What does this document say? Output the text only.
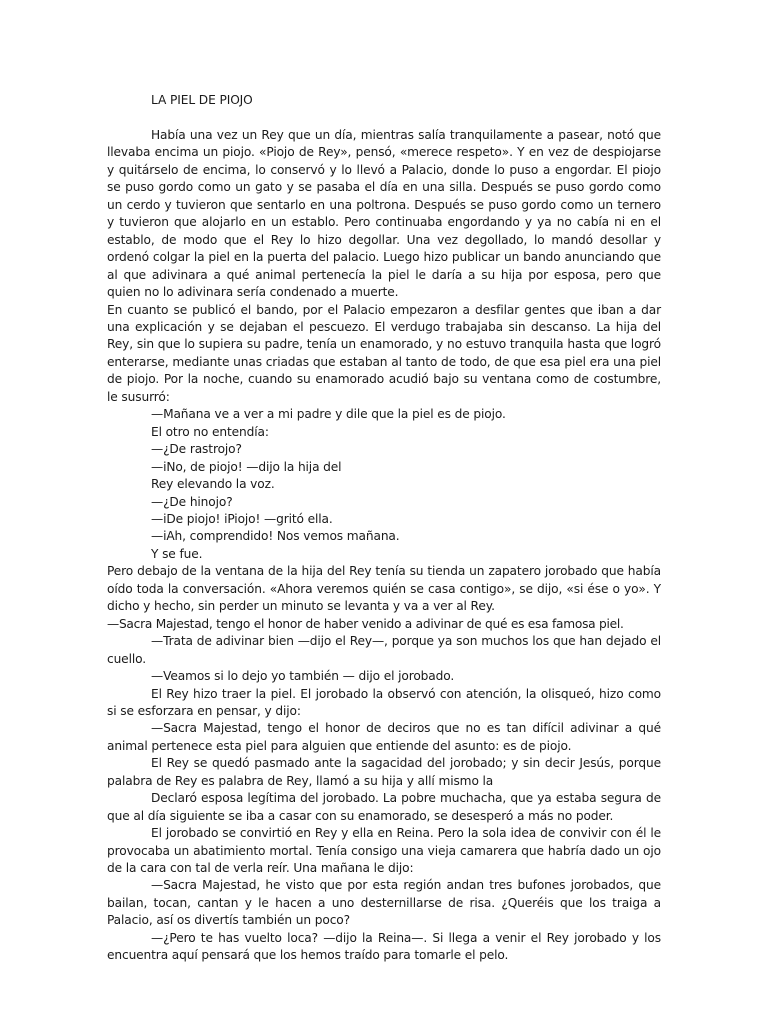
LA PIEL DE PIOJO

Había una vez un Rey que un día, mientras salía tranquilamente a pasear, notó que llevaba encima un piojo. «Piojo de Rey», pensó, «merece respeto». Y en vez de despiojarse y quitárselo de encima, lo conservó y lo llevó a Palacio, donde lo puso a engordar. El piojo se puso gordo como un gato y se pasaba el día en una silla. Después se puso gordo como un cerdo y tuvieron que sentarlo en una poltrona. Después se puso gordo como un ternero y tuvieron que alojarlo en un establo. Pero continuaba engordando y ya no cabía ni en el establo, de modo que el Rey lo hizo degollar. Una vez degollado, lo mandó desollar y ordenó colgar la piel en la puerta del palacio. Luego hizo publicar un bando anunciando que al que adivinara a qué animal pertenecía la piel le daría a su hija por esposa, pero que quien no lo adivinara sería condenado a muerte.

En cuanto se publicó el bando, por el Palacio empezaron a desfilar gentes que iban a dar una explicación y se dejaban el pescuezo. El verdugo trabajaba sin descanso. La hija del Rey, sin que lo supiera su padre, tenía un enamorado, y no estuvo tranquila hasta que logró enterarse, mediante unas criadas que estaban al tanto de todo, de que esa piel era una piel de piojo. Por la noche, cuando su enamorado acudió bajo su ventana como de costumbre, le susurró:

—Mañana ve a ver a mi padre y dile que la piel es de piojo.

El otro no entendía:

—¿De rastrojo?

—iNo, de piojo! —dijo la hija del

Rey elevando la voz.

—¿De hinojo?

—iDe piojo! iPiojo! —gritó ella.

—iAh, comprendido! Nos vemos mañana.

Y se fue.

Pero debajo de la ventana de la hija del Rey tenía su tienda un zapatero jorobado que había oído toda la conversación. «Ahora veremos quién se casa contigo», se dijo, «si ése o yo». Y dicho y hecho, sin perder un minuto se levanta y va a ver al Rey.

—Sacra Majestad, tengo el honor de haber venido a adivinar de qué es esa famosa piel.

—Trata de adivinar bien —dijo el Rey—, porque ya son muchos los que han dejado el cuello.

—Veamos si lo dejo yo también — dijo el jorobado.

El Rey hizo traer la piel. El jorobado la observó con atención, la olisqueó, hizo como si se esforzara en pensar, y dijo:

—Sacra Majestad, tengo el honor de deciros que no es tan difícil adivinar a qué animal pertenece esta piel para alguien que entiende del asunto: es de piojo.

El Rey se quedó pasmado ante la sagacidad del jorobado; y sin decir Jesús, porque palabra de Rey es palabra de Rey, llamó a su hija y allí mismo la

Declaró esposa legítima del jorobado. La pobre muchacha, que ya estaba segura de que al día siguiente se iba a casar con su enamorado, se desesperó a más no poder.

El jorobado se convirtió en Rey y ella en Reina. Pero la sola idea de convivir con él le provocaba un abatimiento mortal. Tenía consigo una vieja camarera que habría dado un ojo de la cara con tal de verla reír. Una mañana le dijo:

—Sacra Majestad, he visto que por esta región andan tres bufones jorobados, que bailan, tocan, cantan y le hacen a uno desternillarse de risa. ¿Queréis que los traiga a Palacio, así os divertís también un poco?

—¿Pero te has vuelto loca? —dijo la Reina—. Si llega a venir el Rey jorobado y los encuentra aquí pensará que los hemos traído para tomarle el pelo.
